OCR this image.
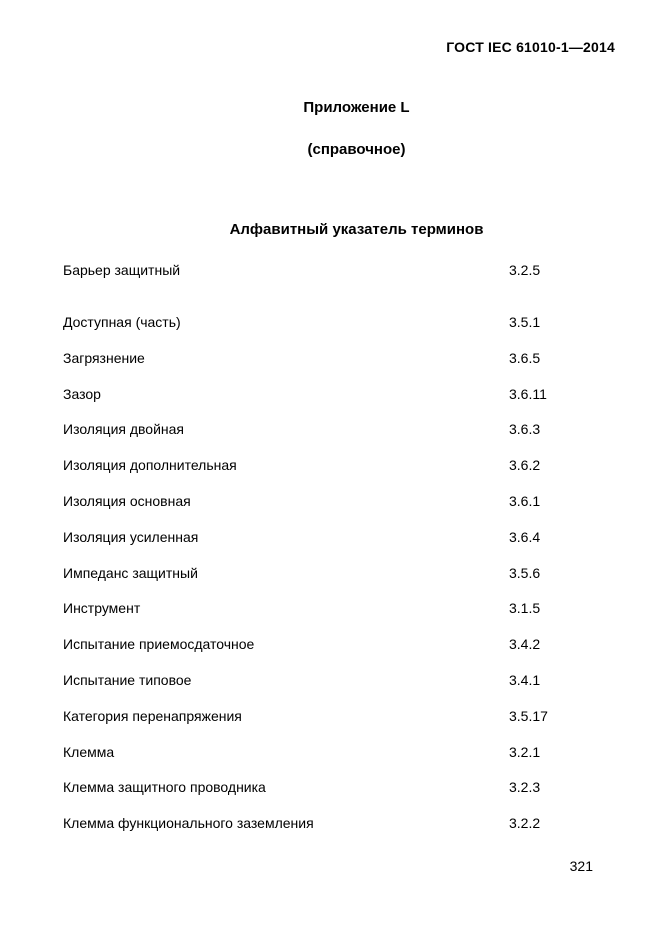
ГОСТ IEC 61010-1—2014
Приложение L
(справочное)
Алфавитный указатель терминов
Барьер защитный	3.2.5
Доступная (часть)	3.5.1
Загрязнение	3.6.5
Зазор	3.6.11
Изоляция двойная	3.6.3
Изоляция дополнительная	3.6.2
Изоляция основная	3.6.1
Изоляция усиленная	3.6.4
Импеданс защитный	3.5.6
Инструмент	3.1.5
Испытание приемосдаточное	3.4.2
Испытание типовое	3.4.1
Категория перенапряжения	3.5.17
Клемма	3.2.1
Клемма защитного проводника	3.2.3
Клемма функционального заземления	3.2.2
321
